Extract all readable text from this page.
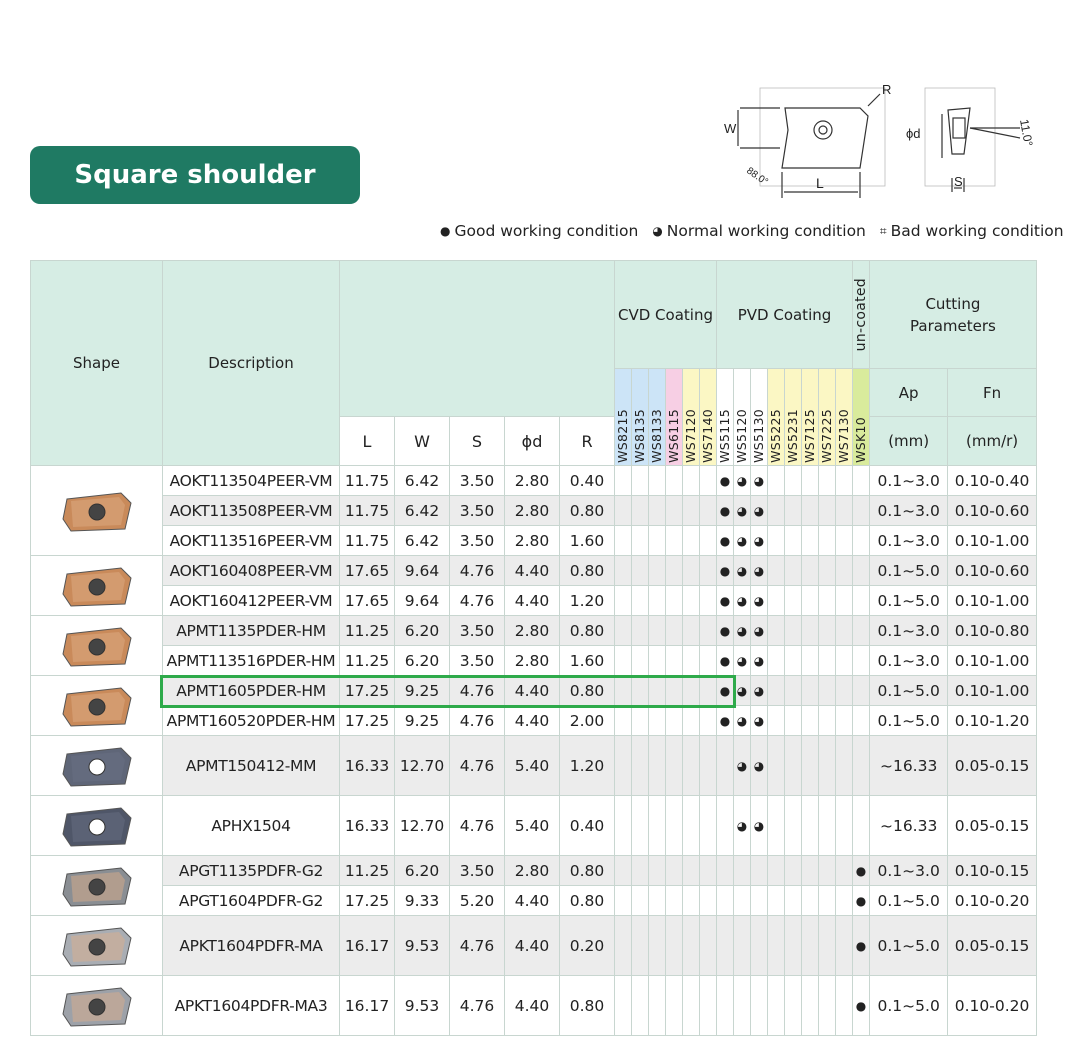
Square shoulder milling
R
W
L
ϕd
S
88.0°
11.0°
● Good working condition ◕ Normal working condition ⌗ Bad working condition
Shape	Description						CVD Coating						PVD Coating								un-coated	Cutting Parameters	

							WS8215	WS8135	WS8133	WS6115	WS7120	WS7140	WS5115	WS5120	WS5130	WS5225	WS5231	WS7125	WS7225	WS7130	WSK10	Ap	Fn
		L	W	S	ϕd	R																(mm)	(mm/r)

	AOKT113504PEER-VM	11.75	6.42	3.50	2.80	0.40							●	◕	◕							0.1~3.0	0.10-0.40
	AOKT113508PEER-VM	11.75	6.42	3.50	2.80	0.80							●	◕	◕							0.1~3.0	0.10-0.60
	AOKT113516PEER-VM	11.75	6.42	3.50	2.80	1.60							●	◕	◕							0.1~3.0	0.10-1.00

	AOKT160408PEER-VM	17.65	9.64	4.76	4.40	0.80							●	◕	◕							0.1~5.0	0.10-0.60
	AOKT160412PEER-VM	17.65	9.64	4.76	4.40	1.20							●	◕	◕							0.1~5.0	0.10-1.00

	APMT1135PDER-HM	11.25	6.20	3.50	2.80	0.80							●	◕	◕							0.1~3.0	0.10-0.80
	APMT113516PDER-HM	11.25	6.20	3.50	2.80	1.60							●	◕	◕							0.1~3.0	0.10-1.00

	APMT1605PDER-HM	17.25	9.25	4.76	4.40	0.80							●	◕	◕							0.1~5.0	0.10-1.00
	APMT160520PDER-HM	17.25	9.25	4.76	4.40	2.00							●	◕	◕							0.1~5.0	0.10-1.20

	APMT150412-MM	16.33	12.70	4.76	5.40	1.20								◕	◕							~16.33	0.05-0.15

	APHX1504	16.33	12.70	4.76	5.40	0.40								◕	◕							~16.33	0.05-0.15

	APGT1135PDFR-G2	11.25	6.20	3.50	2.80	0.80															●	0.1~3.0	0.10-0.15
	APGT1604PDFR-G2	17.25	9.33	5.20	4.40	0.80															●	0.1~5.0	0.10-0.20

	APKT1604PDFR-MA	16.17	9.53	4.76	4.40	0.20															●	0.1~5.0	0.05-0.15

	APKT1604PDFR-MA3	16.17	9.53	4.76	4.40	0.80															●	0.1~5.0	0.10-0.20
